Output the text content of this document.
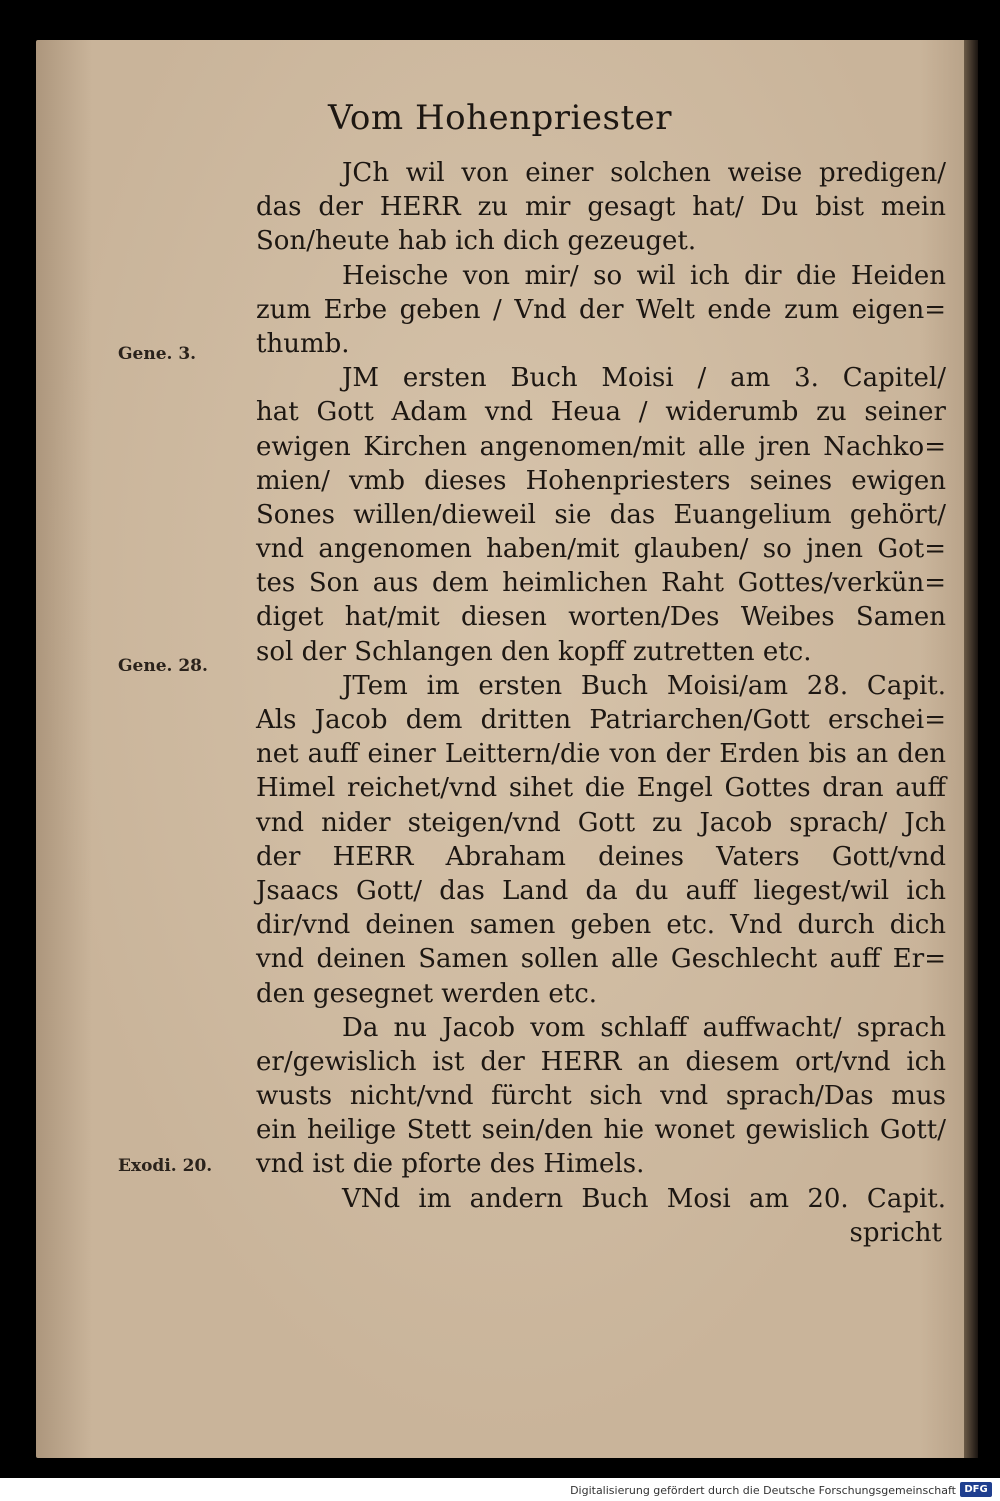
Vom Hohenpriester
Gene. 3.
Gene. 28.
Exodi. 20.
JCh wil von einer solchen weise predigen/
das der HERR zu mir gesagt hat/ Du bist mein
Son/heute hab ich dich gezeuget.
Heische von mir/ so wil ich dir die Heiden
zum Erbe geben / Vnd der Welt ende zum eigen=
thumb.
JM ersten Buch Moisi / am 3. Capitel/
hat Gott Adam vnd Heua / widerumb zu seiner
ewigen Kirchen angenomen/mit alle jren Nachko=
mien/ vmb dieses Hohenpriesters seines ewigen
Sones willen/dieweil sie das Euangelium gehört/
vnd angenomen haben/mit glauben/ so jnen Got=
tes Son aus dem heimlichen Raht Gottes/verkün=
diget hat/mit diesen worten/Des Weibes Samen
sol der Schlangen den kopff zutretten etc.
JTem im ersten Buch Moisi/am 28. Capit.
Als Jacob dem dritten Patriarchen/Gott erschei=
net auff einer Leittern/die von der Erden bis an den
Himel reichet/vnd sihet die Engel Gottes dran auff
vnd nider steigen/vnd Gott zu Jacob sprach/ Jch
der HERR Abraham deines Vaters Gott/vnd
Jsaacs Gott/ das Land da du auff liegest/wil ich
dir/vnd deinen samen geben etc. Vnd durch dich
vnd deinen Samen sollen alle Geschlecht auff Er=
den gesegnet werden etc.
Da nu Jacob vom schlaff auffwacht/ sprach
er/gewislich ist der HERR an diesem ort/vnd ich
wusts nicht/vnd fürcht sich vnd sprach/Das mus
ein heilige Stett sein/den hie wonet gewislich Gott/
vnd ist die pforte des Himels.
VNd im andern Buch Mosi am 20. Capit.
spricht
Digitalisierung gefördert durch die Deutsche Forschungsgemeinschaft DFG
